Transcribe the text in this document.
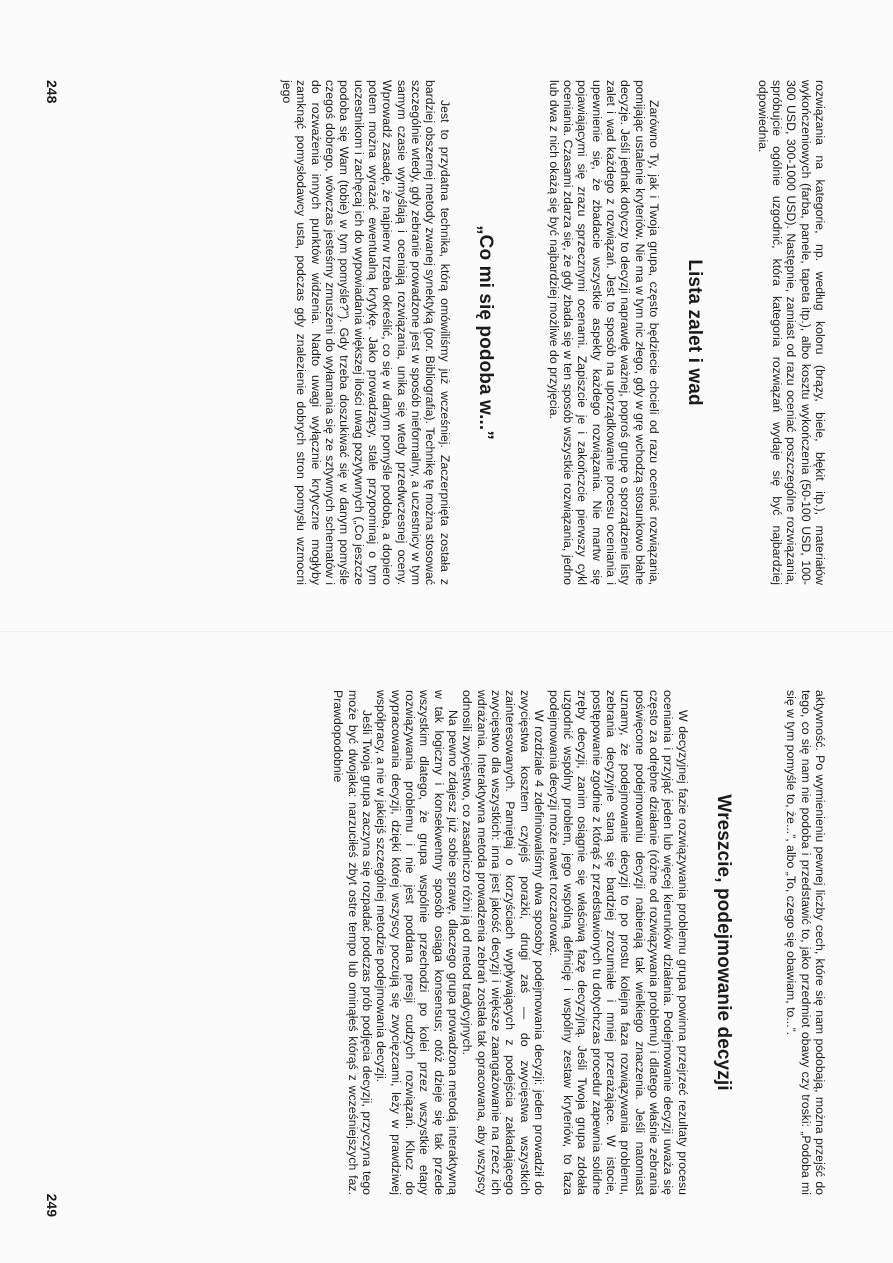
rozwiązania na kategorie, np. według koloru (brązy, biele, błękit itp.), materiałów wykończeniowych (farba, panele, tapeta itp.), albo kosztu wykończenia (50-100 USD, 100-300 USD, 300-1000 USD). Następnie, zamiast od razu oceniać poszczególne rozwiązania, spróbujcie ogólnie uzgodnić, która kategoria rozwiązań wydaje się być najbardziej odpowiednia.

Lista zalet i wad

Zarówno Ty, jak i Twoja grupa, często będziecie chcieli od razu oceniać rozwiązania, pomijając ustalenie kryteriów. Nie ma w tym nic złego, gdy w grę wchodzą stosunkowo błahe decyzje. Jeśli jednak dotyczy to decyzji naprawdę ważnej, poproś grupę o sporządzenie listy zalet i wad każdego z rozwiązań. Jest to sposób na uporządkowanie procesu oceniania i upewnienie się, że zbadacie wszystkie aspekty każdego rozwiązania. Nie martw się pojawiającymi się zrazu sprzecznymi ocenami. Zapiszcie je i zakończcie pierwszy cykl oceniania. Czasami zdarza się, że gdy zbada się w ten sposób wszystkie rozwiązania, jedno lub dwa z nich okażą się być najbardziej możliwe do przyjęcia.

„Co mi się podoba w...”

Jest to przydatna technika, którą omówiliśmy już wcześniej. Zaczerpnięta została z bardziej obszernej metody zwanej synektyką (por. Bibliografia). Technikę tę można stosować szczególnie wtedy, gdy zebranie prowadzone jest w sposób nieformalny, a uczestnicy w tym samym czasie wymyślają i oceniają rozwiązania, unika się wtedy przedwczesnej oceny. Wprowadź zasadę, że najpierw trzeba określić, co się w danym pomyśle podoba, a dopiero potem można wyrażać ewentualną krytykę. Jako prowadzący, stale przypominaj o tym uczestnikom i zachęcaj ich do wypowiadania większej ilości uwag pozytywnych („Co jeszcze podoba się Wam (tobie) w tym pomyśle?”). Gdy trzeba doszukiwać się w danym pomyśle czegoś dobrego, wówczas jesteśmy zmuszeni do wyłamania się ze sztywnych schematów i do rozważenia innych punktów widzenia. Nadto uwagi wyłącznie krytyczne mogłyby zamknąć pomysłodawcy usta, podczas gdy znalezienie dobrych stron pomysłu wzmocni jego

248

aktywność. Po wymienieniu pewnej liczby cech, które się nam podobają, można przejść do tego, co się nam nie podoba i przedstawić to, jako przedmiot obawy czy troski: „Podoba mi się w tym pomyśle to, że...”, albo „To, czego się obawiam, to...”.

Wreszcie, podejmowanie decyzji

W decyzyjnej fazie rozwiązywania problemu grupa powinna przejrzeć rezultaty procesu oceniania i przyjąć jeden lub więcej kierunków działania. Podejmowanie decyzji uważa się często za odrębne działanie (różne od rozwiązywania problemu) i dlatego właśnie zebrania poświęcone podejmowaniu decyzji nabierają tak wielkiego znaczenia. Jeśli natomiast uznamy, że podejmowanie decyzji to po prostu kolejna faza rozwiązywania problemu, zebrania decyzyjne staną się bardziej zrozumiałe i mniej przerażające. W istocie, postępowanie zgodnie z którąś z przedstawionych tu dotychczas procedur zapewnia solidne zręby decyzji, zanim osiągnie się właściwą fazę decyzyjną. Jeśli Twoja grupa zdołała uzgodnić wspólny problem, jego wspólną definicję i wspólny zestaw kryteriów, to faza podejmowania decyzji może nawet rozczarować.

W rozdziale 4 zdefiniowaliśmy dwa sposoby podejmowania decyzji: jeden prowadził do zwycięstwa kosztem czyjejś porażki, drugi zaś — do zwycięstwa wszystkich zainteresowanych. Pamiętaj o korzyściach wypływających z podejścia zakładającego zwycięstwo dla wszystkich: inna jest jakość decyzji i większe zaangażowanie na rzecz ich wdrażania. Interaktywna metoda prowadzenia zebrań została tak opracowana, aby wszyscy odnosili zwycięstwo, co zasadniczo różni ją od metod tradycyjnych.

Na pewno zdajesz już sobie sprawę, dlaczego grupa prowadzona metodą interaktywną w tak logiczny i konsekwentny sposób osiąga konsensus; otóż dzieje się tak przede wszystkim dlatego, że grupa wspólnie przechodzi po kolei przez wszystkie etapy rozwiązywania problemu i nie jest poddana presji cudzych rozwiązań. Klucz do wypracowania decyzji, dzięki której wszyscy poczują się zwycięzcami, leży w prawdziwej współpracy, a nie w jakiejś szczególnej metodzie podejmowania decyzji.

Jeśli Twoja grupa zaczyna się rozpadać podczas prób podjęcia decyzji, przyczyna tego może być dwojaka: narzuciłeś zbyt ostre tempo lub ominąłeś którąś z wcześniejszych faz. Prawdopodobnie

249
